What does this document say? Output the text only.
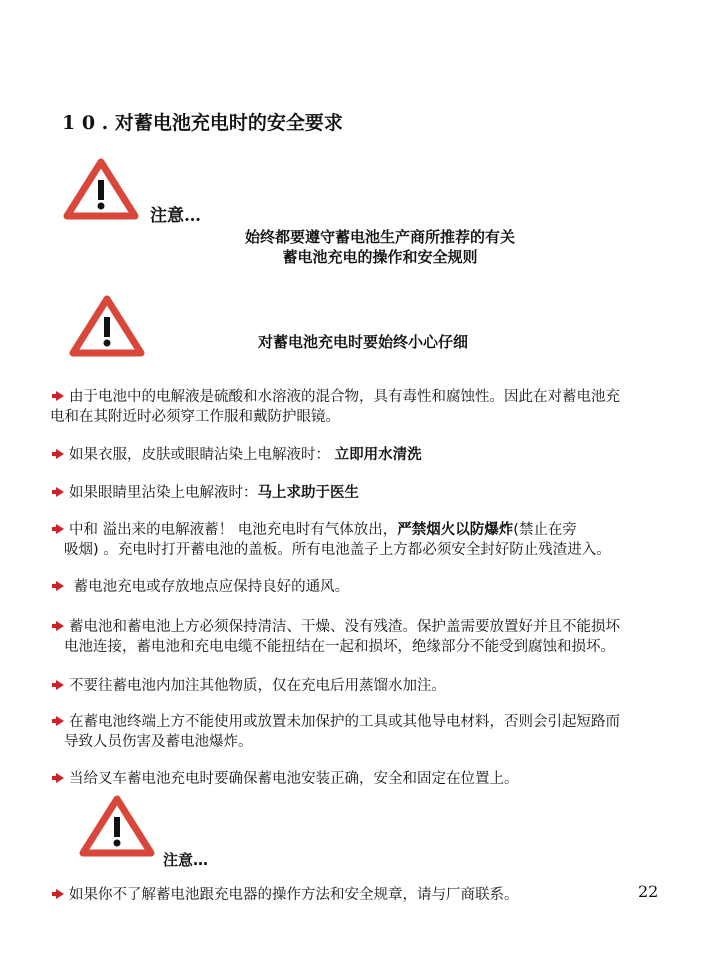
1 0 . 对蓄电池充电时的安全要求
注意…
始终都要遵守蓄电池生产商所推荐的有关
蓄电池充电的操作和安全规则
对蓄电池充电时要始终小心仔细
由于电池中的电解液是硫酸和水溶液的混合物，具有毒性和腐蚀性。因此在对蓄电池充
电和在其附近时必须穿工作服和戴防护眼镜。
如果衣服，皮肤或眼睛沾染上电解液时： 立即用水清洗
如果眼睛里沾染上电解液时：马上求助于医生
中和 溢出来的电解液蓄！ 电池充电时有气体放出，严禁烟火以防爆炸(禁止在旁
吸烟) 。充电时打开蓄电池的盖板。所有电池盖子上方都必须安全封好防止残渣进入。
蓄电池充电或存放地点应保持良好的通风。
蓄电池和蓄电池上方必须保持清洁、干燥、没有残渣。保护盖需要放置好并且不能损坏
电池连接，蓄电池和充电电缆不能扭结在一起和损坏，绝缘部分不能受到腐蚀和损坏。
不要往蓄电池内加注其他物质，仅在充电后用蒸馏水加注。
在蓄电池终端上方不能使用或放置未加保护的工具或其他导电材料，否则会引起短路而
导致人员伤害及蓄电池爆炸。
当给叉车蓄电池充电时要确保蓄电池安装正确，安全和固定在位置上。
注意…
如果你不了解蓄电池跟充电器的操作方法和安全规章，请与厂商联系。	22
